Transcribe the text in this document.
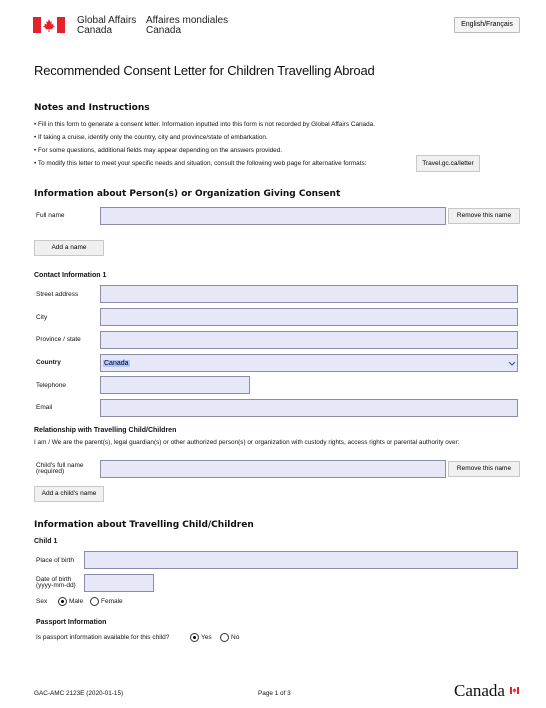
Global Affairs
Canada
Affaires mondiales
Canada
English/Français
Recommended Consent Letter for Children Travelling Abroad
Notes and Instructions
• Fill in this form to generate a consent letter. Information inputted into this form is not recorded by Global Affairs Canada.
• If taking a cruise, identify only the country, city and province/state of embarkation.
• For some questions, additional fields may appear depending on the answers provided.
• To modify this letter to meet your specific needs and situation, consult the following web page for alternative formats:	Travel.gc.ca/letter
Information about Person(s) or Organization Giving Consent
Full name	Remove this name
Add a name
Contact Information 1
Street address
City
Province / state
Country	Canada
Telephone
Email
Relationship with Travelling Child/Children
I am / We are the parent(s), legal guardian(s) or other authorized person(s) or organization with custody rights, access rights or parental authority over:
Child's full name
(required)	Remove this name
Add a child's name
Information about Travelling Child/Children
Child 1
Place of birth
Date of birth
(yyyy-mm-dd)
Sex	Male	Female
Passport Information
Is passport information available for this child?	Yes	No
GAC-AMC 2123E (2020-01-15)	Page 1 of 3	Canada
